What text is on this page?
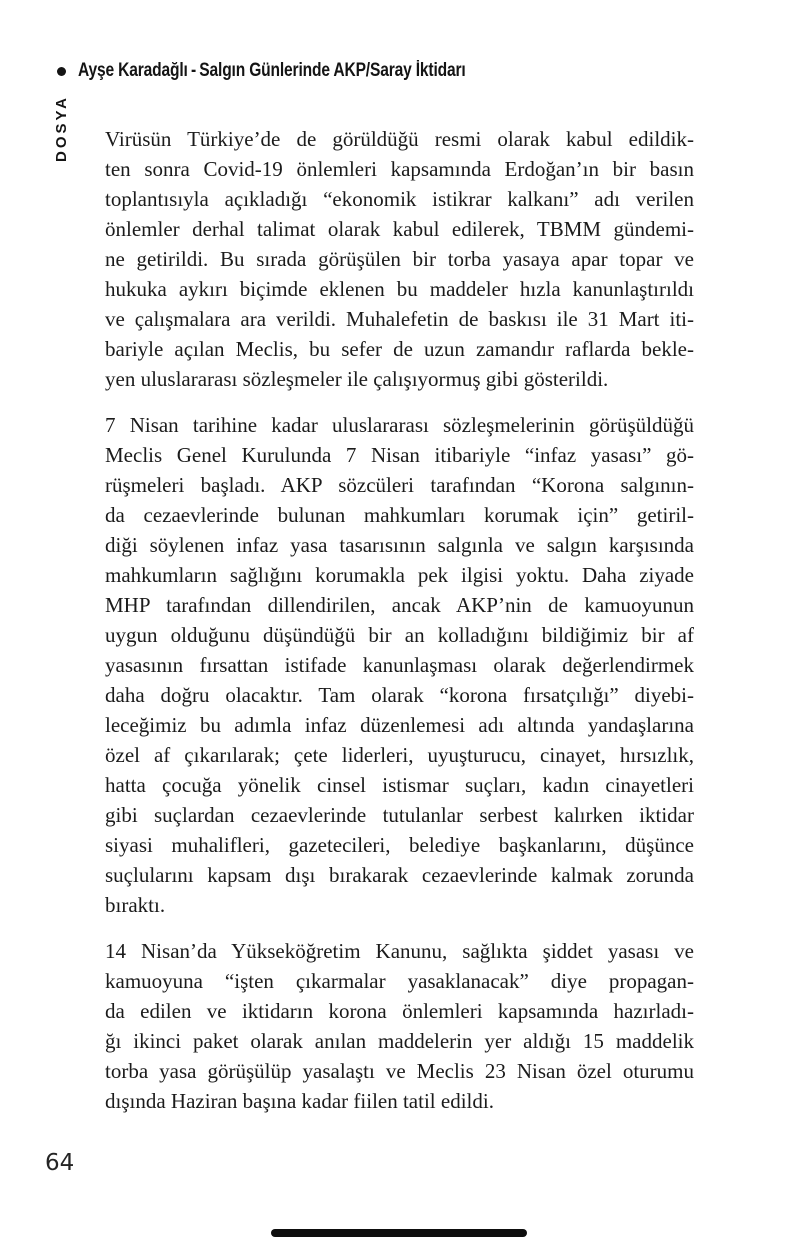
Ayşe Karadağlı - Salgın Günlerinde AKP/Saray İktidarı
DOSYA Virüsün Türkiye’de de görüldüğü resmi olarak kabul edildik-
ten sonra Covid-19 önlemleri kapsamında Erdoğan’ın bir basın
toplantısıyla açıkladığı “ekonomik istikrar kalkanı” adı verilen
önlemler derhal talimat olarak kabul edilerek, TBMM gündemi-
ne getirildi. Bu sırada görüşülen bir torba yasaya apar topar ve
hukuka aykırı biçimde eklenen bu maddeler hızla kanunlaştırıldı
ve çalışmalara ara verildi. Muhalefetin de baskısı ile 31 Mart iti-
bariyle açılan Meclis, bu sefer de uzun zamandır raflarda bekle-
yen uluslararası sözleşmeler ile çalışıyormuş gibi gösterildi.
7 Nisan tarihine kadar uluslararası sözleşmelerinin görüşüldüğü
Meclis Genel Kurulunda 7 Nisan itibariyle “infaz yasası” gö-
rüşmeleri başladı. AKP sözcüleri tarafından “Korona salgının-
da cezaevlerinde bulunan mahkumları korumak için” getiril-
diği söylenen infaz yasa tasarısının salgınla ve salgın karşısında
mahkumların sağlığını korumakla pek ilgisi yoktu. Daha ziyade
MHP tarafından dillendirilen, ancak AKP’nin de kamuoyunun
uygun olduğunu düşündüğü bir an kolladığını bildiğimiz bir af
yasasının fırsattan istifade kanunlaşması olarak değerlendirmek
daha doğru olacaktır. Tam olarak “korona fırsatçılığı” diyebi-
leceğimiz bu adımla infaz düzenlemesi adı altında yandaşlarına
özel af çıkarılarak; çete liderleri, uyuşturucu, cinayet, hırsızlık,
hatta çocuğa yönelik cinsel istismar suçları, kadın cinayetleri
gibi suçlardan cezaevlerinde tutulanlar serbest kalırken iktidar
siyasi muhalifleri, gazetecileri, belediye başkanlarını, düşünce
suçlularını kapsam dışı bırakarak cezaevlerinde kalmak zorunda
bıraktı.
14 Nisan’da Yükseköğretim Kanunu, sağlıkta şiddet yasası ve
kamuoyuna “işten çıkarmalar yasaklanacak” diye propagan-
da edilen ve iktidarın korona önlemleri kapsamında hazırladı-
ğı ikinci paket olarak anılan maddelerin yer aldığı 15 maddelik
torba yasa görüşülüp yasalaştı ve Meclis 23 Nisan özel oturumu
dışında Haziran başına kadar fiilen tatil edildi.
64
